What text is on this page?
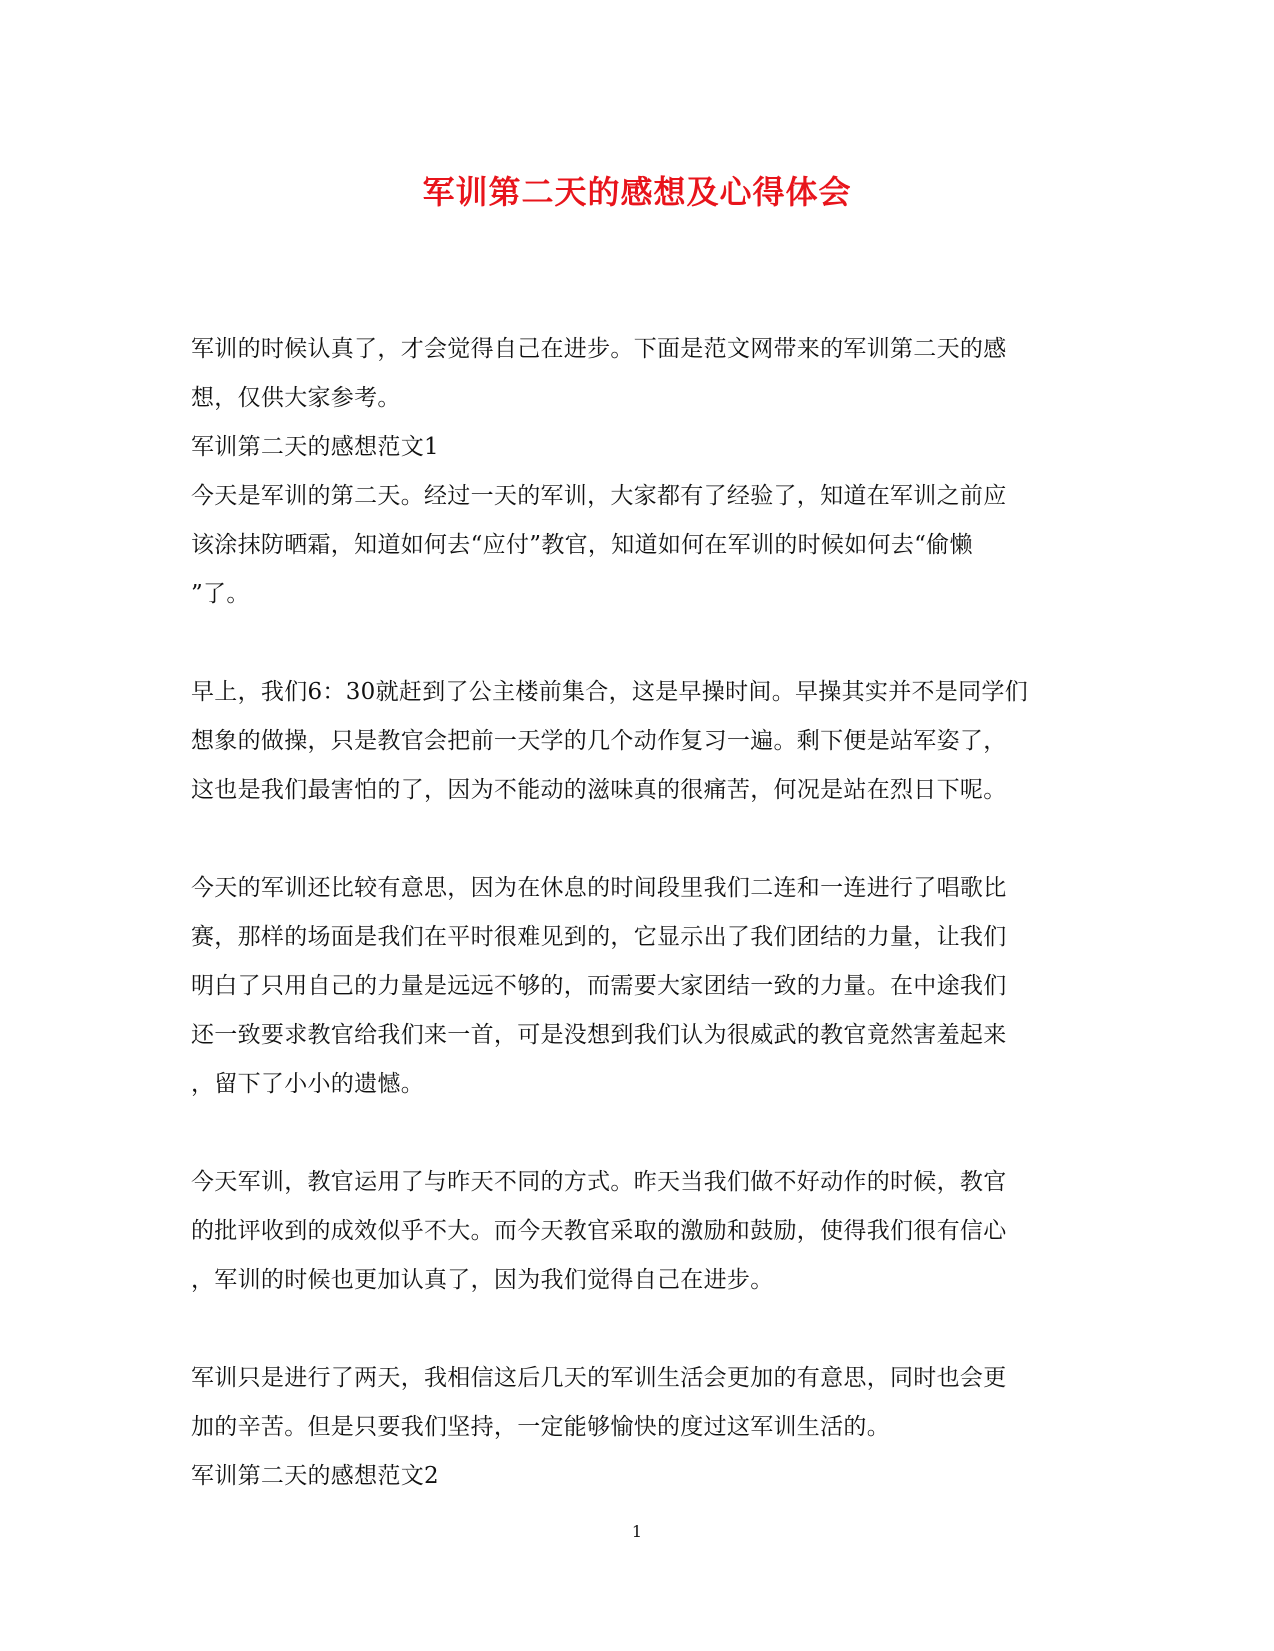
军训第二天的感想及心得体会
军训的时候认真了，才会觉得自己在进步。下面是范文网带来的军训第二天的感
想，仅供大家参考。
军训第二天的感想范文1
今天是军训的第二天。经过一天的军训，大家都有了经验了，知道在军训之前应
该涂抹防晒霜，知道如何去“应付”教官，知道如何在军训的时候如何去“偷懒
”了。
早上，我们6：30就赶到了公主楼前集合，这是早操时间。早操其实并不是同学们
想象的做操，只是教官会把前一天学的几个动作复习一遍。剩下便是站军姿了，
这也是我们最害怕的了，因为不能动的滋味真的很痛苦，何况是站在烈日下呢。
今天的军训还比较有意思，因为在休息的时间段里我们二连和一连进行了唱歌比
赛，那样的场面是我们在平时很难见到的，它显示出了我们团结的力量，让我们
明白了只用自己的力量是远远不够的，而需要大家团结一致的力量。在中途我们
还一致要求教官给我们来一首，可是没想到我们认为很威武的教官竟然害羞起来
，留下了小小的遗憾。
今天军训，教官运用了与昨天不同的方式。昨天当我们做不好动作的时候，教官
的批评收到的成效似乎不大。而今天教官采取的激励和鼓励，使得我们很有信心
，军训的时候也更加认真了，因为我们觉得自己在进步。
军训只是进行了两天，我相信这后几天的军训生活会更加的有意思，同时也会更
加的辛苦。但是只要我们坚持，一定能够愉快的度过这军训生活的。
军训第二天的感想范文2
1
